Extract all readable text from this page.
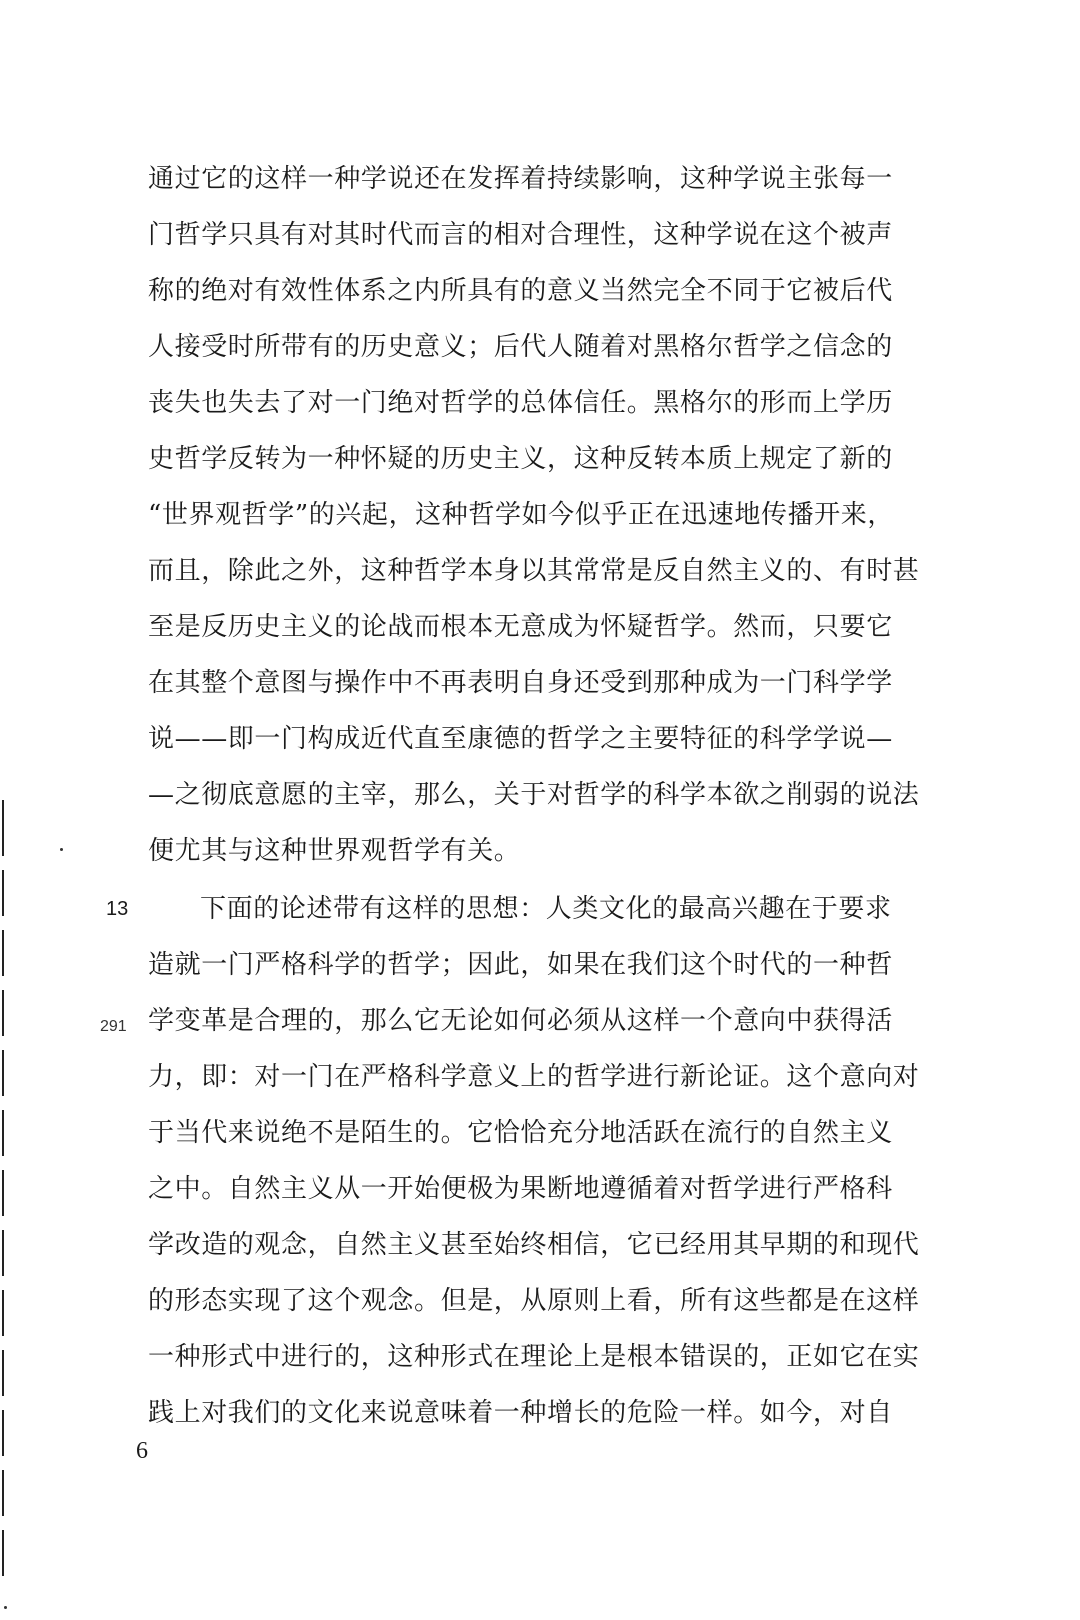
通过它的这样一种学说还在发挥着持续影响，这种学说主张每一
门哲学只具有对其时代而言的相对合理性，这种学说在这个被声
称的绝对有效性体系之内所具有的意义当然完全不同于它被后代
人接受时所带有的历史意义；后代人随着对黑格尔哲学之信念的
丧失也失去了对一门绝对哲学的总体信任。黑格尔的形而上学历
史哲学反转为一种怀疑的历史主义，这种反转本质上规定了新的
“世界观哲学”的兴起，这种哲学如今似乎正在迅速地传播开来，
而且，除此之外，这种哲学本身以其常常是反自然主义的、有时甚
至是反历史主义的论战而根本无意成为怀疑哲学。然而，只要它
在其整个意图与操作中不再表明自身还受到那种成为一门科学学
说——即一门构成近代直至康德的哲学之主要特征的科学学说—
—之彻底意愿的主宰，那么，关于对哲学的科学本欲之削弱的说法
便尤其与这种世界观哲学有关。
13
291
下面的论述带有这样的思想：人类文化的最高兴趣在于要求
造就一门严格科学的哲学；因此，如果在我们这个时代的一种哲
学变革是合理的，那么它无论如何必须从这样一个意向中获得活
力，即：对一门在严格科学意义上的哲学进行新论证。这个意向对
于当代来说绝不是陌生的。它恰恰充分地活跃在流行的自然主义
之中。自然主义从一开始便极为果断地遵循着对哲学进行严格科
学改造的观念，自然主义甚至始终相信，它已经用其早期的和现代
的形态实现了这个观念。但是，从原则上看，所有这些都是在这样
一种形式中进行的，这种形式在理论上是根本错误的，正如它在实
践上对我们的文化来说意味着一种增长的危险一样。如今，对自
6
